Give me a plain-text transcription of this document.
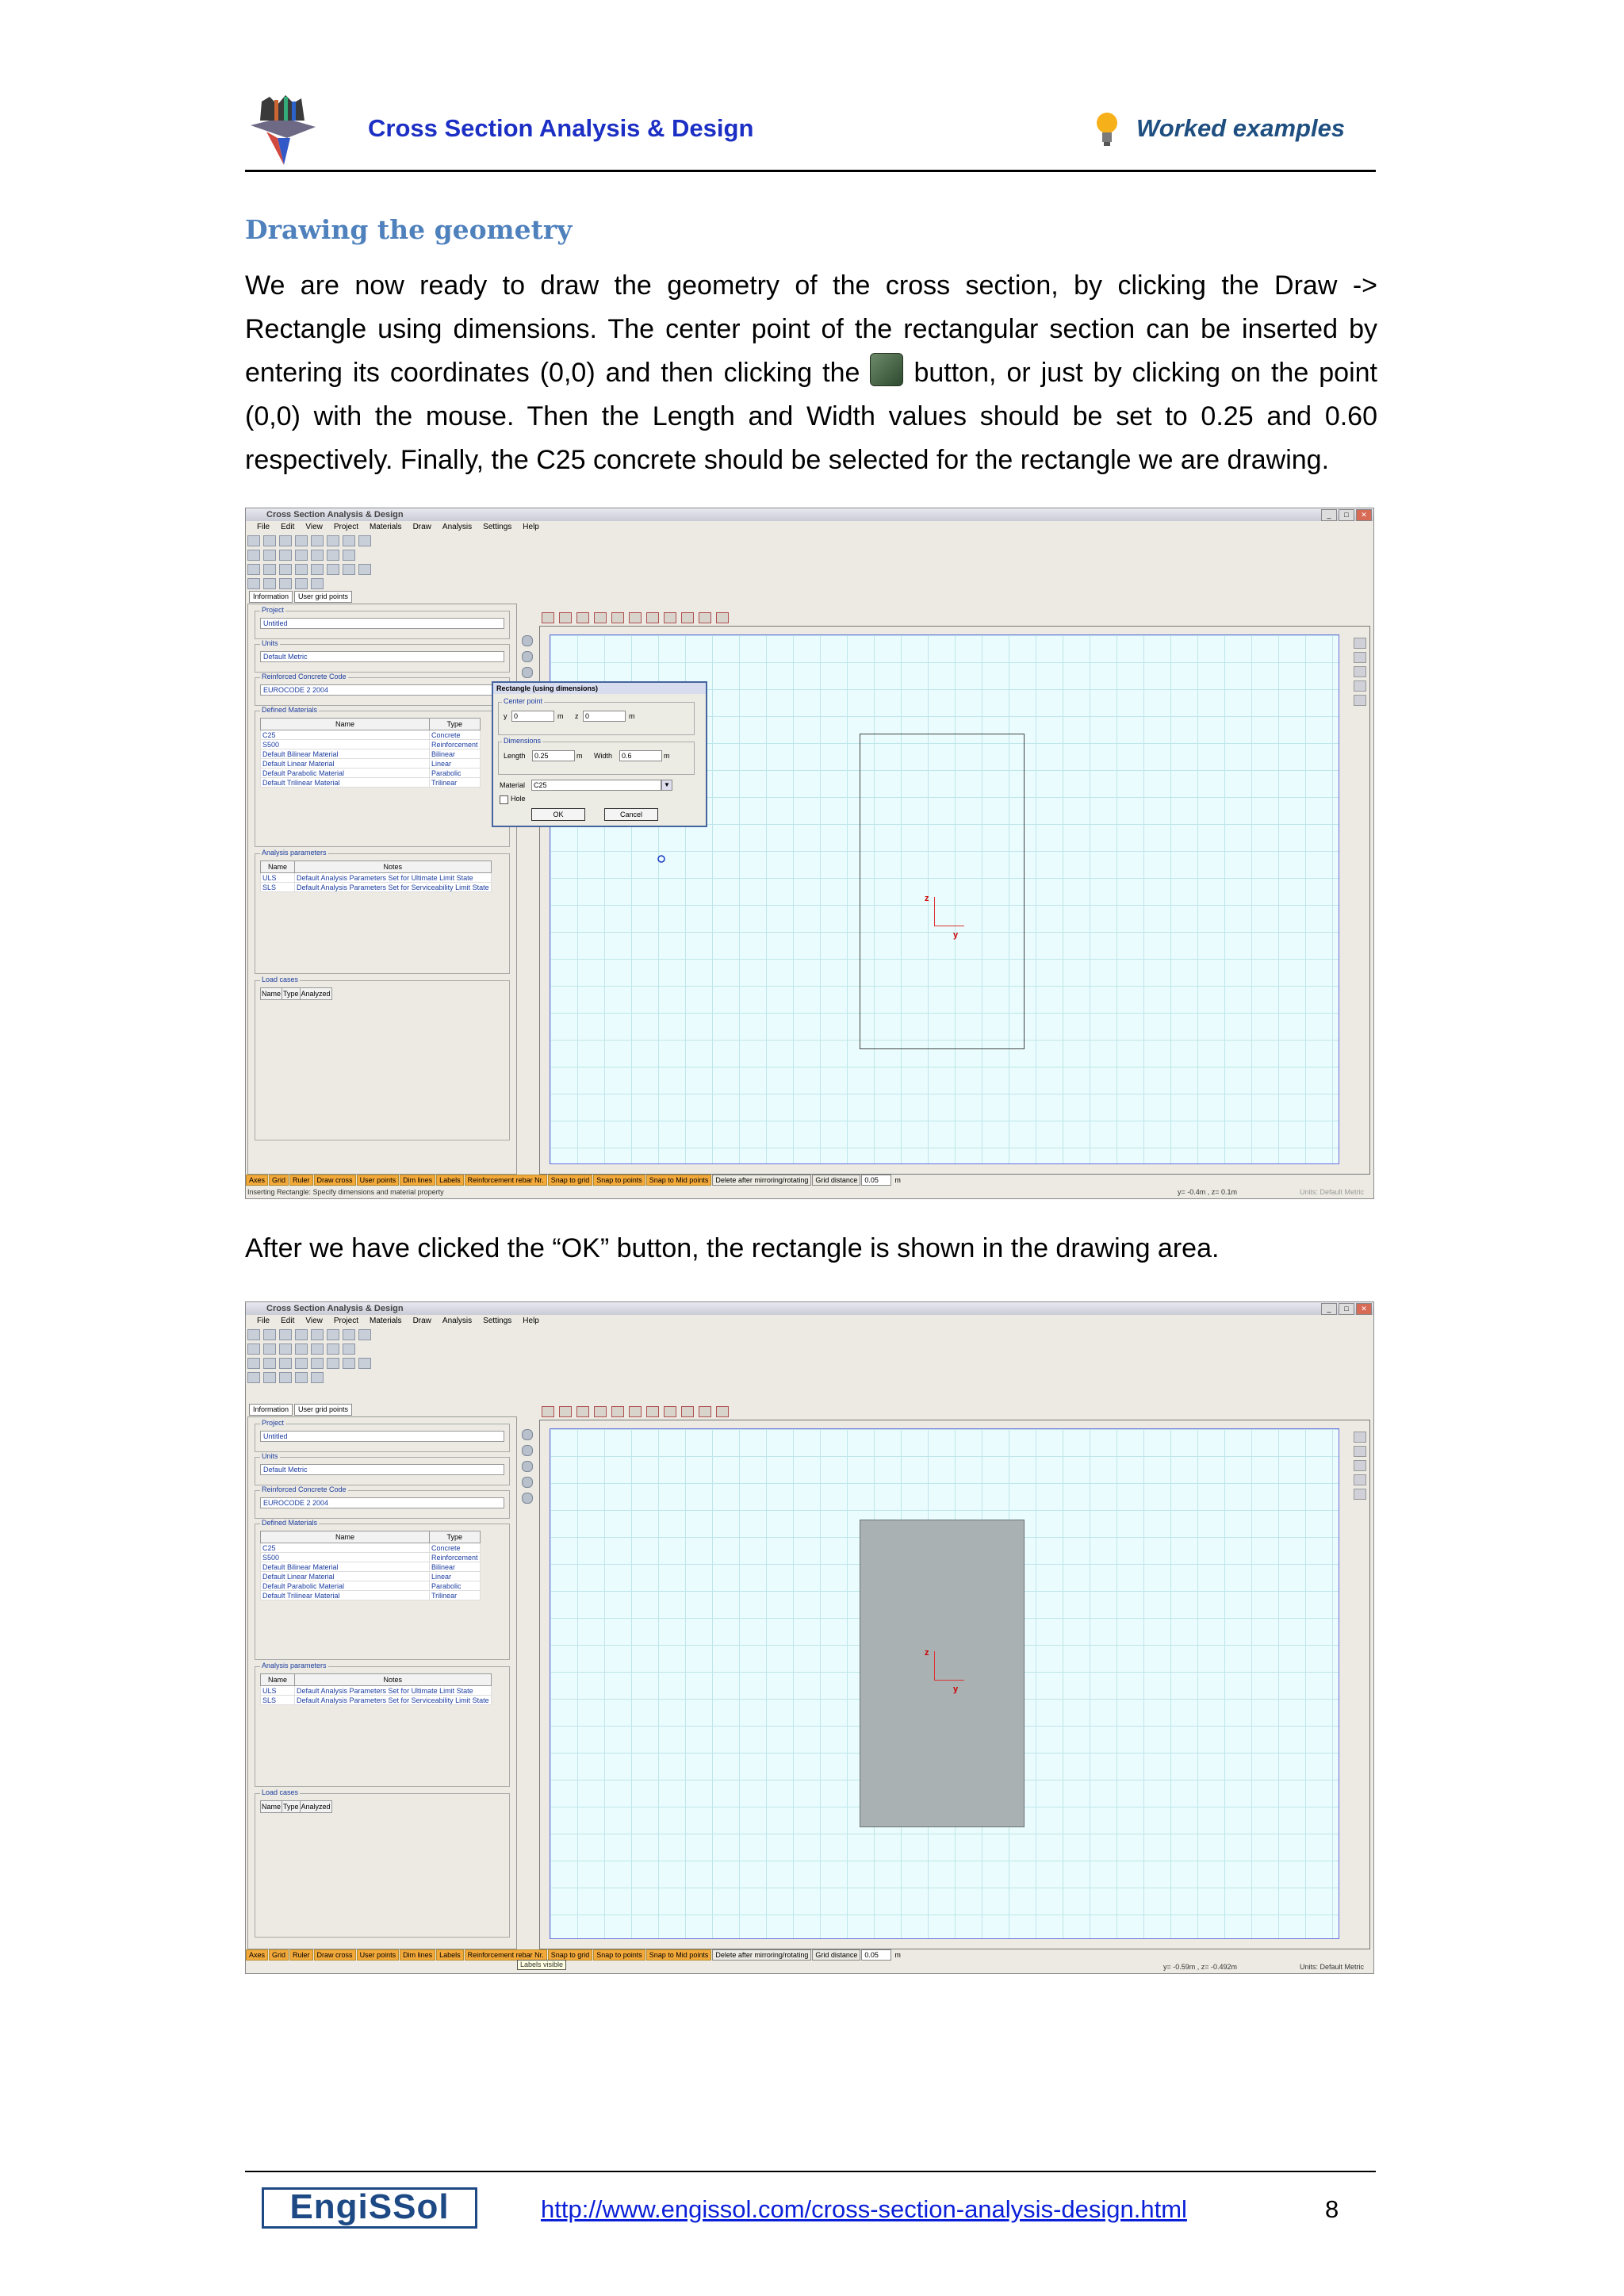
Cross Section Analysis & Design	Worked examples
Drawing the geometry
We are now ready to draw the geometry of the cross section, by clicking the Draw -> Rectangle using dimensions. The center point of the rectangular section can be inserted by entering its coordinates (0,0) and then clicking the button, or just by clicking on the point (0,0) with the mouse. Then the Length and Width values should be set to 0.25 and 0.60 respectively. Finally, the C25 concrete should be selected for the rectangle we are drawing.
Cross Section Analysis & Design	_ □ ✕
File Edit View Project Materials Draw Analysis Settings Help
Information User grid points
Project
Untitled
Units
Default Metric
Reinforced Concrete Code
EUROCODE 2 2004
Defined Materials
Name	Type
C25	Concrete
S500	Reinforcement
Default Bilinear Material	Bilinear
Default Linear Material	Linear
Default Parabolic Material	Parabolic
Default Trilinear Material	Trilinear
Analysis parameters
Name	Notes
ULS	Default Analysis Parameters Set for Ultimate Limit State
SLS	Default Analysis Parameters Set for Serviceability Limit State
Load cases
Name	Type	Analyzed
z
y
Rectangle (using dimensions)
Center point
y 0	m z 0	m
Dimensions
Length	0.25	m Width	0.6	m
Material	C25	▼
Hole
OK	Cancel
Axes Grid Ruler Draw cross User points Dim lines Labels Reinforcement rebar Nr. Snap to grid Snap to points Snap to Mid points Delete after mirroring/rotating Grid distance 0.05 m
Inserting Rectangle: Specify dimensions and material property	y= -0.4m , z= 0.1m	Units: Default Metric
After we have clicked the “OK” button, the rectangle is shown in the drawing area.
Cross Section Analysis & Design	_ □ ✕
File Edit View Project Materials Draw Analysis Settings Help
Information User grid points
Project
Untitled
Units
Default Metric
Reinforced Concrete Code
EUROCODE 2 2004
Defined Materials
Name	Type
C25	Concrete
S500	Reinforcement
Default Bilinear Material	Bilinear
Default Linear Material	Linear
Default Parabolic Material	Parabolic
Default Trilinear Material	Trilinear
Analysis parameters
Name	Notes
ULS	Default Analysis Parameters Set for Ultimate Limit State
SLS	Default Analysis Parameters Set for Serviceability Limit State
Load cases
Name	Type	Analyzed
z
y
Axes Grid Ruler Draw cross User points Dim lines Labels Reinforcement rebar Nr. Snap to grid Snap to points Snap to Mid points Delete after mirroring/rotating Grid distance 0.05 m
Labels visible	y= -0.59m , z= -0.492m	Units: Default Metric
EngiSSol	http://www.engissol.com/cross-section-analysis-design.html	8
